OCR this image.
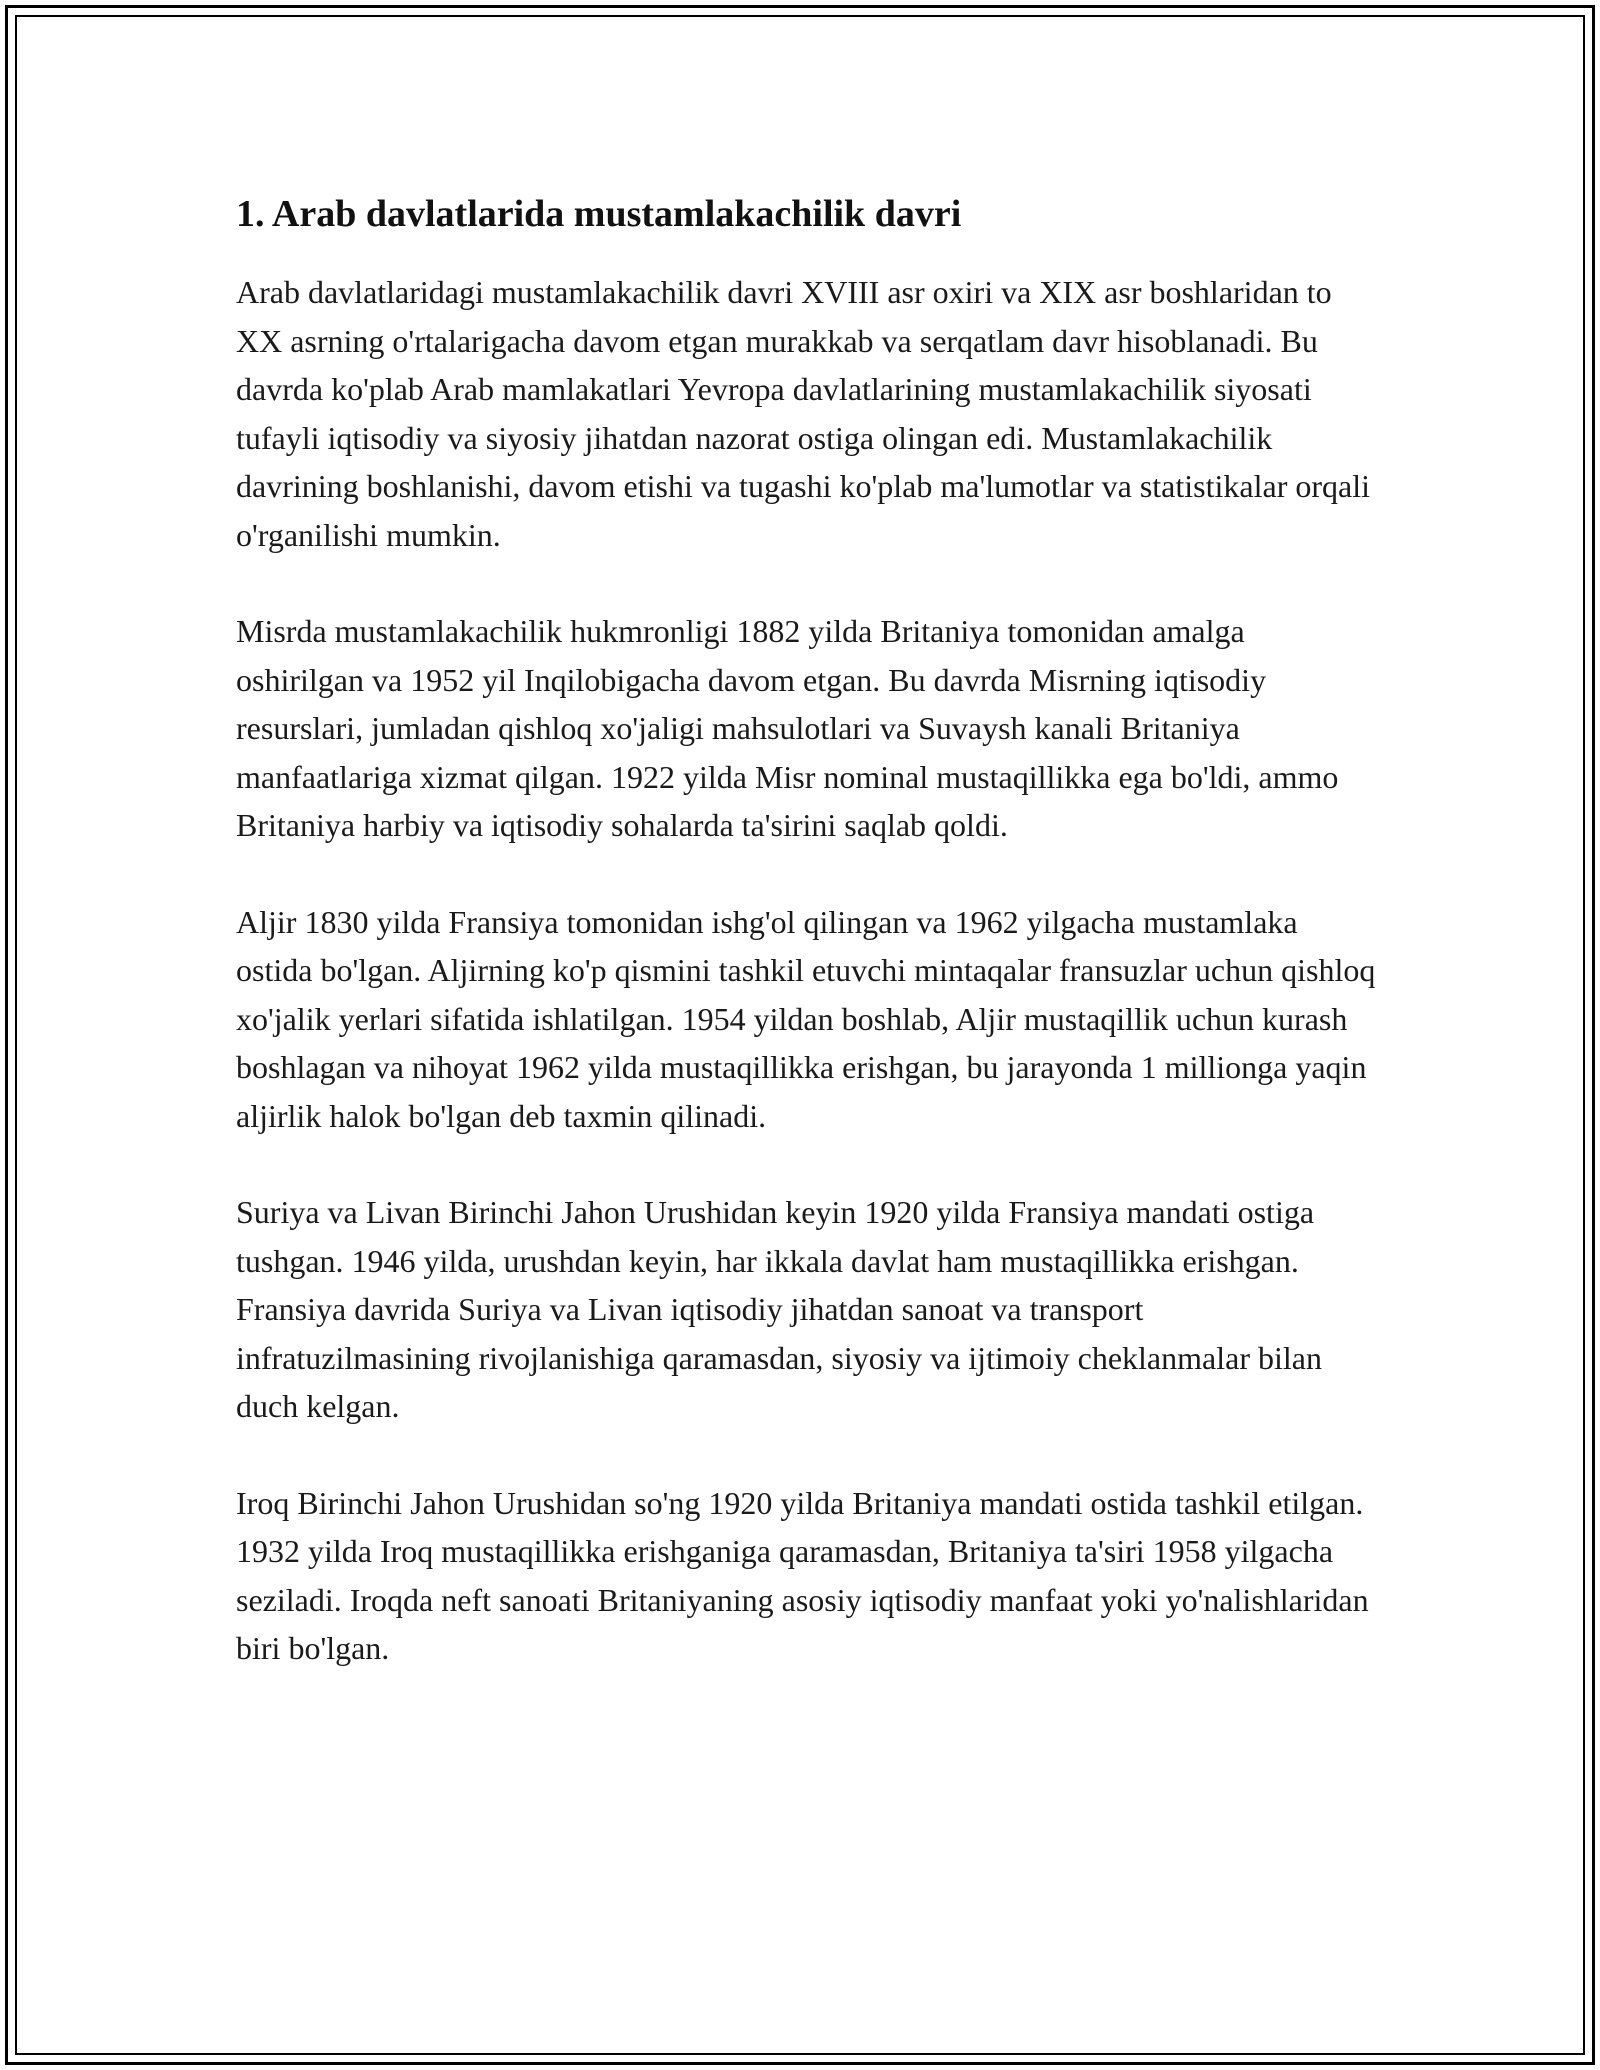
1. Arab davlatlarida mustamlakachilik davri

Arab davlatlaridagi mustamlakachilik davri XVIII asr oxiri va XIX asr boshlaridan to XX asrning o'rtalarigacha davom etgan murakkab va serqatlam davr hisoblanadi. Bu davrda ko'plab Arab mamlakatlari Yevropa davlatlarining mustamlakachilik siyosati tufayli iqtisodiy va siyosiy jihatdan nazorat ostiga olingan edi. Mustamlakachilik davrining boshlanishi, davom etishi va tugashi ko'plab ma'lumotlar va statistikalar orqali o'rganilishi mumkin.

Misrda mustamlakachilik hukmronligi 1882 yilda Britaniya tomonidan amalga oshirilgan va 1952 yil Inqilobigacha davom etgan. Bu davrda Misrning iqtisodiy resurslari, jumladan qishloq xo'jaligi mahsulotlari va Suvaysh kanali Britaniya manfaatlariga xizmat qilgan. 1922 yilda Misr nominal mustaqillikka ega bo'ldi, ammo Britaniya harbiy va iqtisodiy sohalarda ta'sirini saqlab qoldi.

Aljir 1830 yilda Fransiya tomonidan ishg'ol qilingan va 1962 yilgacha mustamlaka ostida bo'lgan. Aljirning ko'p qismini tashkil etuvchi mintaqalar fransuzlar uchun qishloq xo'jalik yerlari sifatida ishlatilgan. 1954 yildan boshlab, Aljir mustaqillik uchun kurash boshlagan va nihoyat 1962 yilda mustaqillikka erishgan, bu jarayonda 1 millionga yaqin aljirlik halok bo'lgan deb taxmin qilinadi.

Suriya va Livan Birinchi Jahon Urushidan keyin 1920 yilda Fransiya mandati ostiga tushgan. 1946 yilda, urushdan keyin, har ikkala davlat ham mustaqillikka erishgan. Fransiya davrida Suriya va Livan iqtisodiy jihatdan sanoat va transport infratuzilmasining rivojlanishiga qaramasdan, siyosiy va ijtimoiy cheklanmalar bilan duch kelgan.

Iroq Birinchi Jahon Urushidan so'ng 1920 yilda Britaniya mandati ostida tashkil etilgan. 1932 yilda Iroq mustaqillikka erishganiga qaramasdan, Britaniya ta'siri 1958 yilgacha seziladi. Iroqda neft sanoati Britaniyaning asosiy iqtisodiy manfaat yoki yo'nalishlaridan biri bo'lgan.
